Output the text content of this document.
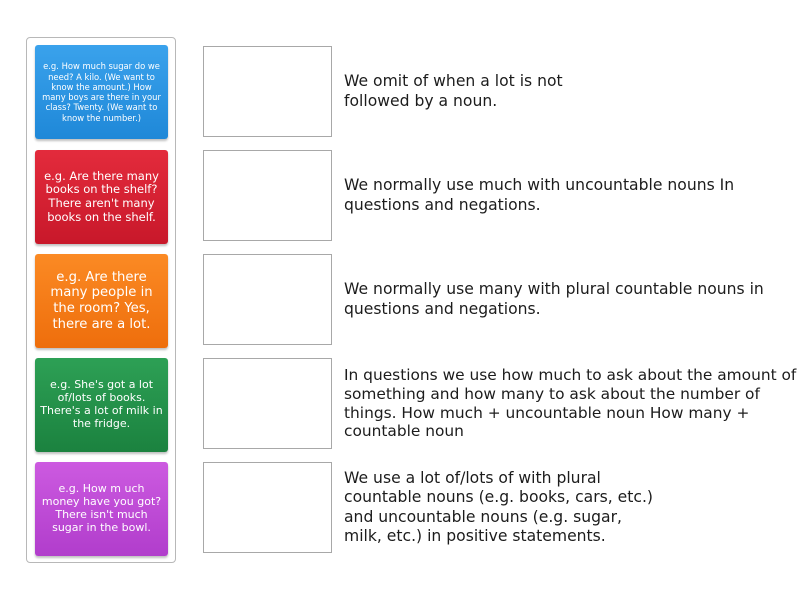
e.g. How much sugar do we need? A kilo. (We want to know the amount.) How many boys are there in your class? Twenty. (We want to know the number.)
e.g. Are there many books on the shelf? There aren't many books on the shelf.
e.g. Are there many people in the room? Yes, there are a lot.
e.g. She's got a lot of/lots of books. There's a lot of milk in the fridge.
e.g. How m uch money have you got? There isn't much sugar in the bowl.
We omit of when a lot is not followed by a noun.
We normally use much with uncountable nouns In questions and negations.
We normally use many with plural countable nouns in questions and negations.
In questions we use how much to ask about the amount of something and how many to ask about the number of things. How much + uncountable noun How many + countable noun
We use a lot of/lots of with plural countable nouns (e.g. books, cars, etc.) and uncountable nouns (e.g. sugar, milk, etc.) in positive statements.
